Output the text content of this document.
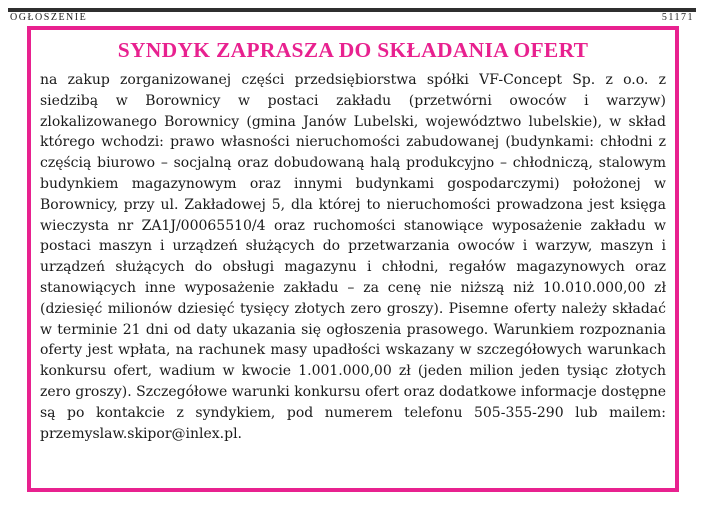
OGŁOSZENIE	51171
SYNDYK ZAPRASZA DO SKŁADANIA OFERT

na zakup zorganizowanej części przedsiębiorstwa spółki VF-Concept Sp. z o.o. z siedzibą w Borownicy w postaci zakładu (przetwórni owoców i warzyw) zlokalizowanego Borownicy (gmina Janów Lubelski, województwo lubelskie), w skład którego wchodzi: prawo własności nieruchomości zabudowanej (budynkami: chłodni z częścią biurowo – socjalną oraz dobudowaną halą produkcyjno – chłodniczą, stalowym budynkiem magazynowym oraz innymi budynkami gospodarczymi) położonej w Borownicy, przy ul. Zakładowej 5, dla której to nieruchomości prowadzona jest księga wieczysta nr ZA1J/00065510/4 oraz ruchomości stanowiące wyposażenie zakładu w postaci maszyn i urządzeń służących do przetwarzania owoców i warzyw, maszyn i urządzeń służących do obsługi magazynu i chłodni, regałów magazynowych oraz stanowiących inne wyposażenie zakładu – za cenę nie niższą niż 10.010.000,00 zł (dziesięć milionów dziesięć tysięcy złotych zero groszy). Pisemne oferty należy składać w terminie 21 dni od daty ukazania się ogłoszenia prasowego. Warunkiem rozpoznania oferty jest wpłata, na rachunek masy upadłości wskazany w szczegółowych warunkach konkursu ofert, wadium w kwocie 1.001.000,00 zł (jeden milion jeden tysiąc złotych zero groszy). Szczegółowe warunki konkursu ofert oraz dodatkowe informacje dostępne są po kontakcie z syndykiem, pod numerem telefonu 505-355-290 lub mailem: przemyslaw.skipor@inlex.pl.
